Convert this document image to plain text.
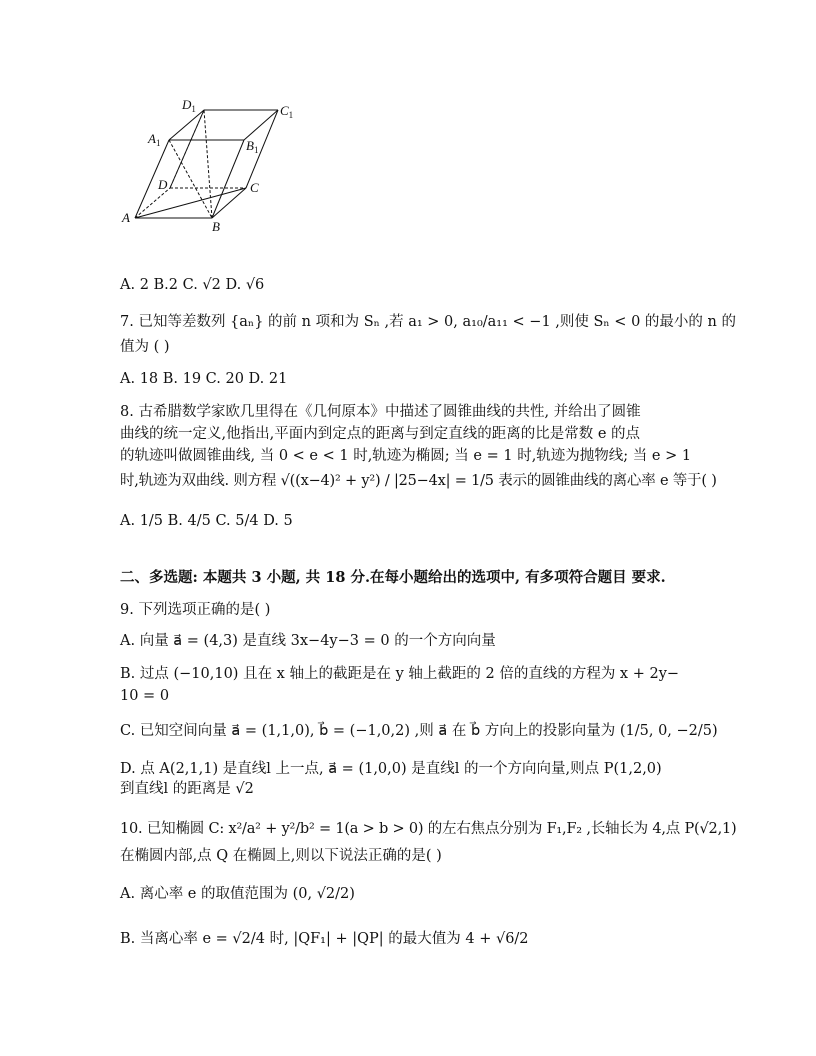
A
B
C
D
$A_1$	$B_1$
$C_1$
$D_1$
A. 2 B.2 C. √2 D. √6
7. 已知等差数列 {aₙ} 的前 n 项和为 Sₙ ,若 a₁ > 0, a₁₀/a₁₁ < −1 ,则使 Sₙ < 0 的最小的 n 的
值为 ( )
A. 18 B. 19 C. 20 D. 21
8. 古希腊数学家欧几里得在《几何原本》中描述了圆锥曲线的共性, 并给出了圆锥
曲线的统一定义,他指出,平面内到定点的距离与到定直线的距离的比是常数 e 的点
的轨迹叫做圆锥曲线, 当 0 < e < 1 时,轨迹为椭圆; 当 e = 1 时,轨迹为抛物线; 当 e > 1
时,轨迹为双曲线. 则方程 √((x−4)² + y²) / |25−4x| = 1/5 表示的圆锥曲线的离心率 e 等于( )
A. 1/5 B. 4/5 C. 5/4 D. 5
二、多选题: 本题共 3 小题, 共 18 分.在每小题给出的选项中, 有多项符合题目 要求.
9. 下列选项正确的是( )
A. 向量 a⃗ = (4,3) 是直线 3x−4y−3 = 0 的一个方向向量
B. 过点 (−10,10) 且在 x 轴上的截距是在 y 轴上截距的 2 倍的直线的方程为 x + 2y−
10 = 0
C. 已知空间向量 a⃗ = (1,1,0), b⃗ = (−1,0,2) ,则 a⃗ 在 b⃗ 方向上的投影向量为 (1/5, 0, −2/5)
D. 点 A(2,1,1) 是直线l 上一点, a⃗ = (1,0,0) 是直线l 的一个方向向量,则点 P(1,2,0)
到直线l 的距离是 √2
10. 已知椭圆 C: x²/a² + y²/b² = 1(a > b > 0) 的左右焦点分别为 F₁,F₂ ,长轴长为 4,点 P(√2,1)
在椭圆内部,点 Q 在椭圆上,则以下说法正确的是( )
A. 离心率 e 的取值范围为 (0, √2/2)
B. 当离心率 e = √2/4 时, |QF₁| + |QP| 的最大值为 4 + √6/2
